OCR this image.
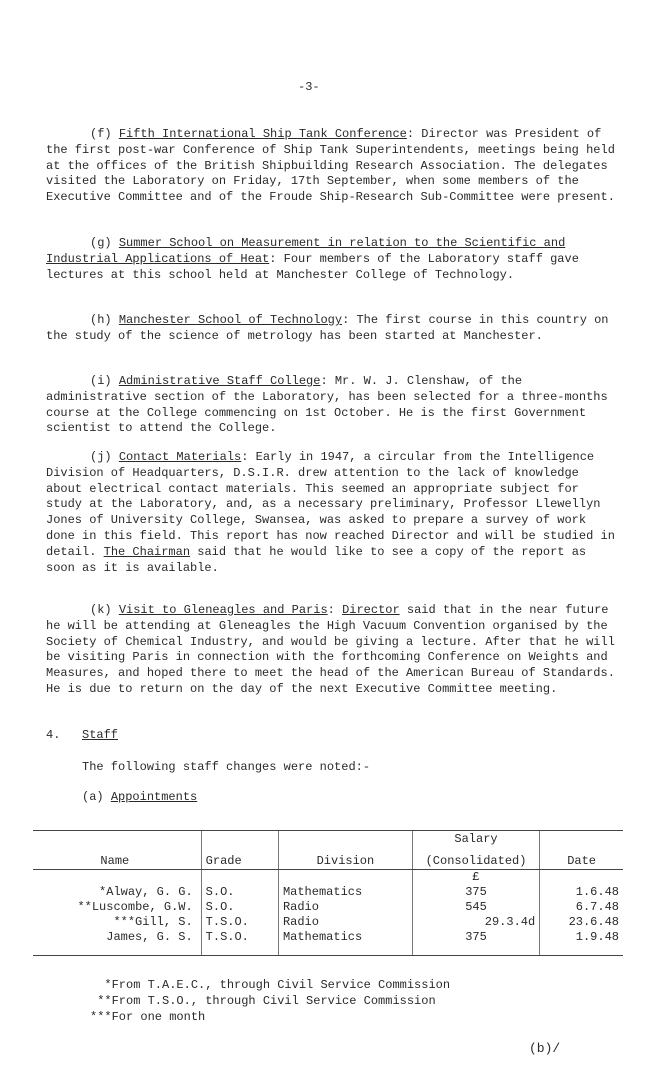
-3-

(f) Fifth International Ship Tank Conference: Director was President of the first post-war Conference of Ship Tank Superintendents, meetings being held at the offices of the British Shipbuilding Research Association. The delegates visited the Laboratory on Friday, 17th September, when some members of the Executive Committee and of the Froude Ship-Research Sub-Committee were present.

(g) Summer School on Measurement in relation to the Scientific and Industrial Applications of Heat: Four members of the Laboratory staff gave lectures at this school held at Manchester College of Technology.

(h) Manchester School of Technology: The first course in this country on the study of the science of metrology has been started at Manchester.

(i) Administrative Staff College: Mr. W. J. Clenshaw, of the administrative section of the Laboratory, has been selected for a three-months course at the College commencing on 1st October. He is the first Government scientist to attend the College.

(j) Contact Materials: Early in 1947, a circular from the Intelligence Division of Headquarters, D.S.I.R. drew attention to the lack of knowledge about electrical contact materials. This seemed an appropriate subject for study at the Laboratory, and, as a necessary preliminary, Professor Llewellyn Jones of University College, Swansea, was asked to prepare a survey of work done in this field. This report has now reached Director and will be studied in detail. The Chairman said that he would like to see a copy of the report as soon as it is available.

(k) Visit to Gleneagles and Paris: Director said that in the near future he will be attending at Gleneagles the High Vacuum Convention organised by the Society of Chemical Industry, and would be giving a lecture. After that he will be visiting Paris in connection with the forthcoming Conference on Weights and Measures, and hoped there to meet the head of the American Bureau of Standards. He is due to return on the day of the next Executive Committee meeting.

4. Staff
The following staff changes were noted:-
(a) Appointments
			Salary	
Name	Grade	Division	(Consolidated)	Date
			£	
*Alway, G. G.	S.O.	Mathematics	375	1.6.48
**Luscombe, G.W.	S.O.	Radio	545	6.7.48
***Gill, S.	T.S.O.	Radio	29.3.4d	23.6.48
James, G. S.	T.S.O.	Mathematics	375	1.9.48
*From T.A.E.C., through Civil Service Commission
**From T.S.O., through Civil Service Commission
***For one month
(b)/
